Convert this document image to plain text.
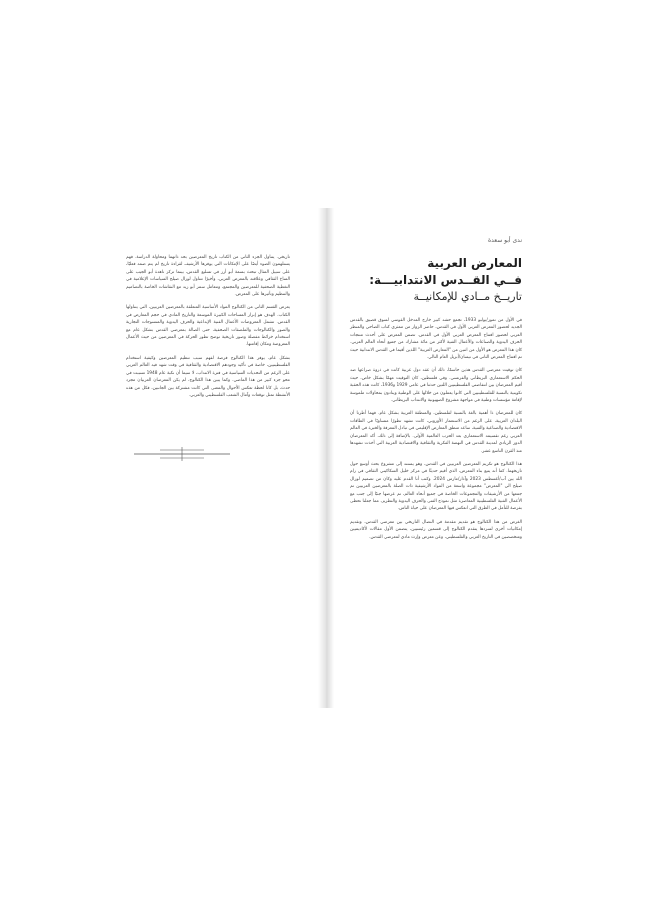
تاريخي. يتناول الجزء الثاني من الكتاب تاريخ المعرضين بحد ذاتهما ومحاولة الدراسة. فهم يستلهمون الضوء أيضًا على الإمكانات التي يوفرها الأرشيف لقراءة تاريخ لم يتم ضمه فعليًا، على سبيل المثال تبحث بسمة أبو أرز في تسليع القدس، بينما تركز ناهدة أبو الجيب على المناخ الثقافي وعلاقته بالمعرض العربي، وأخيرًا تتناول لورال صيلح السياسات الإعلامية في التغطية الصحفية للمعرضين والمجتمع، وتتعامل سمر أبو زيد مع النقاشات الخاصة بالتصاميم والتنظيم وتأثيرها على المعرض.

يعرض القسم الثاني من الكتالوج المواد الأساسية المتعلقة بالمعرضين العربيين، التي يتناولها الكتاب. الهدف هو إبراز المساحات الكبيرة الموسعة والتاريخ المادي في حجم المعارض في القدس. تشمل المعروضات الأعمال الفنية الإبداعية والحرف اليدوية والمنسوجات التجارية والصور والكتالوجات والملصقات الصحفية، حتى الصالة بمعرضي القدس بشكل عام مع استخدام خرائط مفصلة وصور تاريخية توضح تطور الحركة في المعرضين من حيث الأعمال المعروضة ومكان إقامتها.

بشكل عام، يوفر هذا الكتالوج فرصة لفهم سبب تنظيم المعرضين وكيفية استخدام الفلسطينيين، خاصة في تأكيد وجودهم الاقتصادية والثقافية في وقت شهد فيه العالم العربي على الرغم من التحديات السياسية في فترة الانتداب، لا سيما أن نكبة عام 1948 تسببت في محو جزء كبير من هذا الماضي. وكما يبين هذا الكتالوج، لم يكن المعرضان العربيان مجرد حدث، بل كانا لحظة تعكس الأحوال والمعنى التي كانت مشتركة بين الجانبين، فكل من هذه الأنشطة تمثل توقعات وآمال الشعب الفلسطيني والعربي.

ندى أبو سعدة

المعارض العربية
فــي القــدس الانتدابيـــة:
تاريــخ مــادي للإمكانيــة

في الأول من تموز/يوليو 1933، تجمع حشد كبير خارج المدخل القوسي لسوق قصيق بالقدس الجديد لحضور المعرض العربي الأول في القدس، حاضر الزوار من ممثري كتاب الضاحي والمنظر العربي لحضور افتتاح المعرض العربي الأول في القدس. تضمن المعرض على أحدث منتجات الحرف اليدوية والصناعات والأعمال الفنية لأكثر من مائة مشارك من جميع أنحاء العالم العربي. كان هذا المعرض هو الأول من اثنين من "المعارض العربية" اللذين أقيما في القدس الانتدابية حيث تم افتتاح المعرض الثاني في نيسان/أبريل العام التالي.

كان توقيت معرضي القدس هذين حاسمًا، ذلك أن عقد دول عربية كانت في ذروة صراعها ضد الحكم الاستعماري البريطاني والفرنسي. وفي فلسطين، كان التوقيت مهمًا بشكل خاص، حيث أقيم المعرضان بين انتفاضتي الفلسطينيين اللتين حدثتا في عامي 1929 و1936، كانت هذه الحقبة تكوينية بالنسبة للفلسطينيين التي كانوا يعملون من خلالها على الوطنية وينادون بمحاولات ملموسة لإقامة مؤسسات وطنية في مواجهة مشروع الصهيونية والانتداب البريطاني.

كان للمعرضان ذا أهمية بالغة بالنسبة لفلسطين، والمنطقة العربية بشكل عام. فهما أطرتا أن البلدان العربية، على الرغم من الاستعمار الأوروبي، كانت تشهد تطورًا متساويًا في الطاقات الاقتصادية والصناعية والفنية، ساعد منطق المعارض الإقليمي في تبادل المعرفة والخبرة في العالم العربي رغم تقسيمه الاستعماري بعد الحرب العالمية الأولى. بالإضافة إلى ذلك، أكد المعرضان الدور الريادي لمدينة القدس في النهضة الفكرية والثقافية والاقتصادية العربية التي أخذت تشهدها منذ القرن التاسع عشر.

هذا الكتالوج هو تكريم المعرضين العربيين في القدس، وهو يستند إلى مشروع بحث أوسع حول تاريخهما. كما أنه يتبع بناء المعرض، الذي أقيم حديثًا في مركز خليل السكاكيني الثقافي في رام الله بين آب/أغسطس 2023 وآذار/مارس 2024. وكتب أنا القدم عليه وكان من تصميم لورال صيلح الي "المعرض" مجموعة واسعة من المواد الأرشيفية ذات الصلة بالمعرضين العربيين تم جمعها من الأرشيفات والمجموعات الخاصة في جميع أنحاء العالم، تم عرضها جنبًا إلى جنب مع الأعمال الفنية الفلسطينية المعاصرة مثل نموذج الفتى والحرف اليدوية والتطريز، مما جعلنا نحظى بفرصة للتأمل في الطرق التي انعكس فيها المعرضان على حياة الناس.

الغرض من هذا الكتالوج هو تقديم مقدمة في النضال التاريخي بين معرضي القدس، وتقديم إمكانيات أخرى لسردها يتقدم الكتالوج إلى قسمين رئيسيين، يتضمن الأول مقالات لأكاديميين ومتخصصين في التاريخ العربي والفلسطيني، وعن معرض وإرث مادي لمعرضي القدس.
